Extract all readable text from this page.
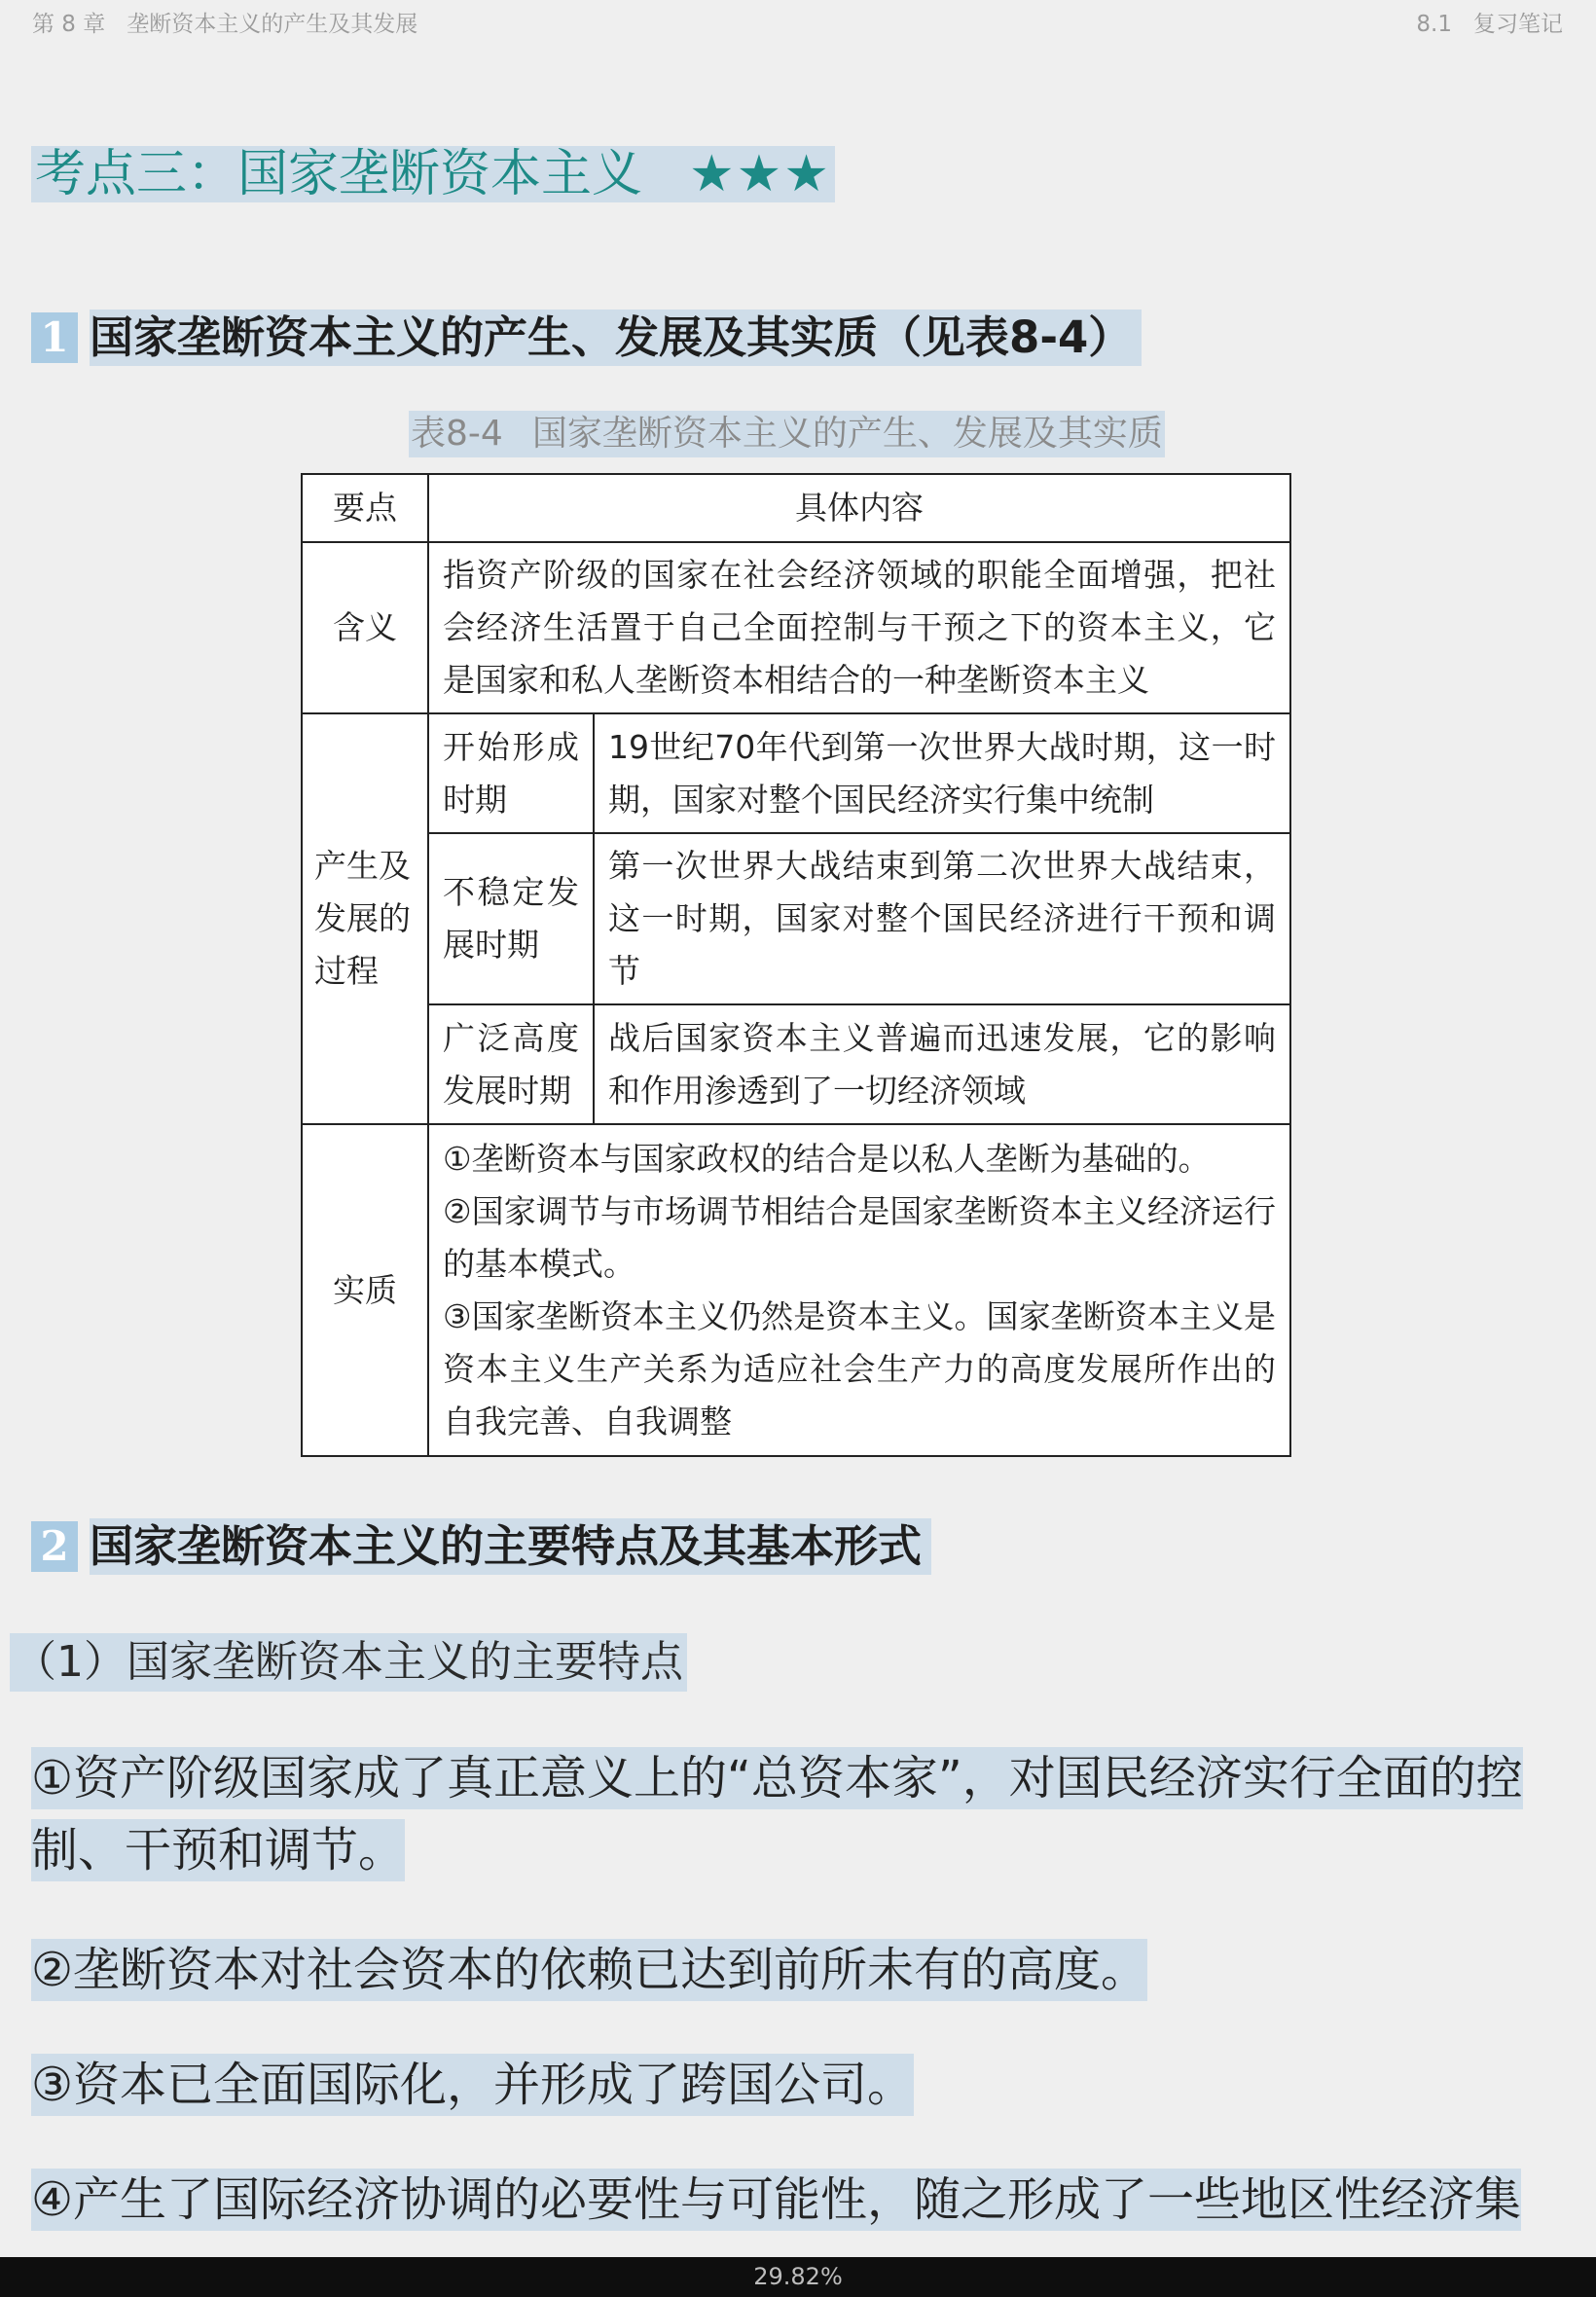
第 8 章 垄断资本主义的产生及其发展	8.1 复习笔记
考点三：国家垄断资本主义 ★★★
1 国家垄断资本主义的产生、发展及其实质（见表8-4）
表8-4 国家垄断资本主义的产生、发展及其实质
要点	具体内容	
含义	指资产阶级的国家在社会经济领域的职能全面增强，把社会经济生活置于自己全面控制与干预之下的资本主义，它是国家和私人垄断资本相结合的一种垄断资本主义	
产生及发展的过程	开始形成时期	19世纪70年代到第一次世界大战时期，这一时期，国家对整个国民经济实行集中统制
	不稳定发展时期	第一次世界大战结束到第二次世界大战结束，这一时期，国家对整个国民经济进行干预和调节
	广泛高度发展时期	战后国家资本主义普遍而迅速发展，它的影响和作用渗透到了一切经济领域
实质	①垄断资本与国家政权的结合是以私人垄断为基础的。
②国家调节与市场调节相结合是国家垄断资本主义经济运行的基本模式。
③国家垄断资本主义仍然是资本主义。国家垄断资本主义是资本主义生产关系为适应社会生产力的高度发展所作出的自我完善、自我调整	
2 国家垄断资本主义的主要特点及其基本形式
（1）国家垄断资本主义的主要特点
①资产阶级国家成了真正意义上的“总资本家”，对国民经济实行全面的控制、干预和调节。
②垄断资本对社会资本的依赖已达到前所未有的高度。
③资本已全面国际化，并形成了跨国公司。
④产生了国际经济协调的必要性与可能性，随之形成了一些地区性经济集
29.82%
